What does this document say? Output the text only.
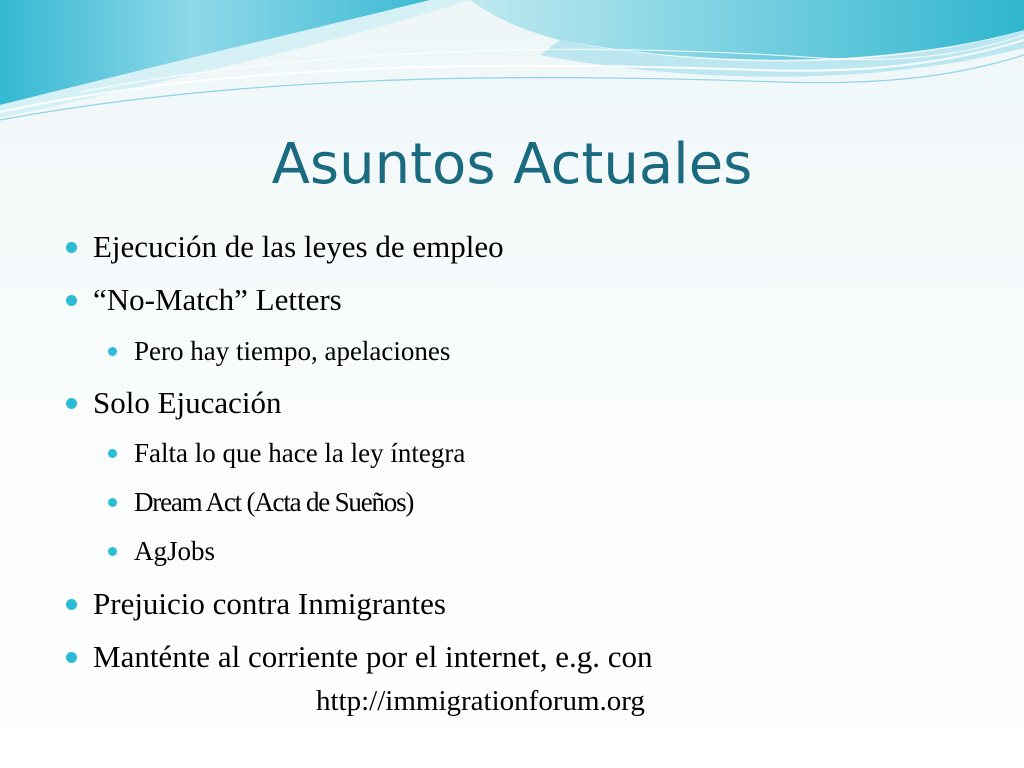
Asuntos Actuales
Ejecución de las leyes de empleo
“No-Match” Letters
Pero hay tiempo, apelaciones
Solo Ejucación
Falta lo que hace la ley íntegra
Dream Act (Acta de Sueños)
AgJobs
Prejuicio contra Inmigrantes
Manténte al corriente por el internet, e.g. con
http://immigrationforum.org
